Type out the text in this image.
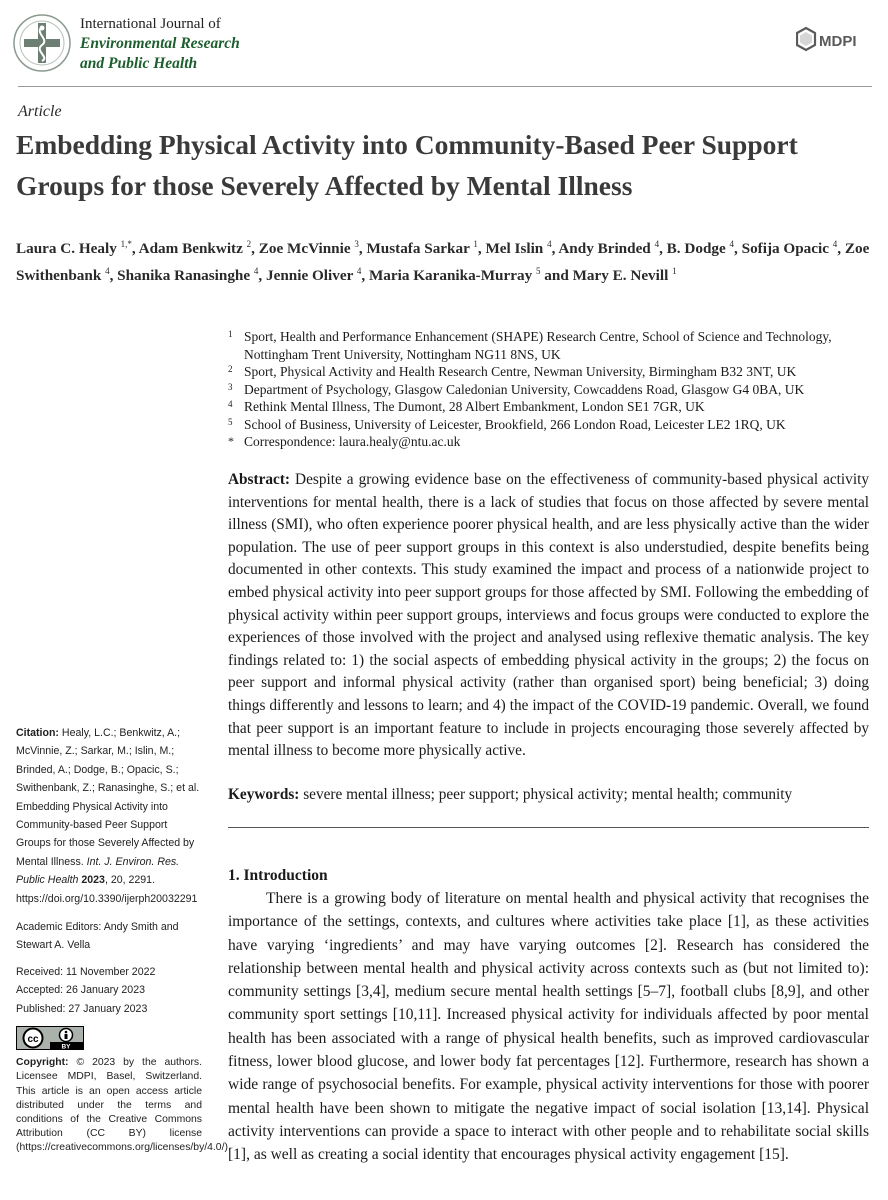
International Journal of
Environmental Research
and Public Health
MDPI
Article
Embedding Physical Activity into Community-Based Peer Support Groups for those Severely Affected by Mental Illness
Laura C. Healy $^{1,*}$, Adam Benkwitz $^2$, Zoe McVinnie $^3$, Mustafa Sarkar $^1$, Mel Islin $^4$, Andy Brinded $^4$, B. Dodge $^4$, Sofija Opacic $^4$, Zoe Swithenbank $^4$, Shanika Ranasinghe $^4$, Jennie Oliver $^4$, Maria Karanika-Murray $^5$ and Mary E. Nevill $^1$
1 Sport, Health and Performance Enhancement (SHAPE) Research Centre, School of Science and Technology, Nottingham Trent University, Nottingham NG11 8NS, UK
2 Sport, Physical Activity and Health Research Centre, Newman University, Birmingham B32 3NT, UK
3 Department of Psychology, Glasgow Caledonian University, Cowcaddens Road, Glasgow G4 0BA, UK
4 Rethink Mental Illness, The Dumont, 28 Albert Embankment, London SE1 7GR, UK
5 School of Business, University of Leicester, Brookfield, 266 London Road, Leicester LE2 1RQ, UK
* Correspondence: laura.healy@ntu.ac.uk
Abstract: Despite a growing evidence base on the effectiveness of community-based physical activity interventions for mental health, there is a lack of studies that focus on those affected by severe mental illness (SMI), who often experience poorer physical health, and are less physically active than the wider population. The use of peer support groups in this context is also understudied, despite benefits being documented in other contexts. This study examined the impact and process of a nationwide project to embed physical activity into peer support groups for those affected by SMI. Following the embedding of physical activity within peer support groups, interviews and focus groups were conducted to explore the experiences of those involved with the project and analysed using reflexive thematic analysis. The key findings related to: 1) the social aspects of embedding physical activity in the groups; 2) the focus on peer support and informal physical activity (rather than organised sport) being beneficial; 3) doing things differently and lessons to learn; and 4) the impact of the COVID-19 pandemic. Overall, we found that peer support is an important feature to include in projects encouraging those severely affected by mental illness to become more physically active.
Keywords: severe mental illness; peer support; physical activity; mental health; community
1. Introduction

There is a growing body of literature on mental health and physical activity that recognises the importance of the settings, contexts, and cultures where activities take place [1], as these activities have varying ‘ingredients’ and may have varying outcomes [2]. Research has considered the relationship between mental health and physical activity across contexts such as (but not limited to): community settings [3,4], medium secure mental health settings [5–7], football clubs [8,9], and other community sport settings [10,11]. Increased physical activity for individuals affected by poor mental health has been associated with a range of physical health benefits, such as improved cardiovascular fitness, lower blood glucose, and lower body fat percentages [12]. Furthermore, research has shown a wide range of psychosocial benefits. For example, physical activity interventions for those with poorer mental health have been shown to mitigate the negative impact of social isolation [13,14]. Physical activity interventions can provide a space to interact with other people and to rehabilitate social skills [1], as well as creating a social identity that encourages physical activity engagement [15].

Citation: Healy, L.C.; Benkwitz, A.; McVinnie, Z.; Sarkar, M.; Islin, M.; Brinded, A.; Dodge, B.; Opacic, S.; Swithenbank, Z.; Ranasinghe, S.; et al. Embedding Physical Activity into Community-based Peer Support Groups for those Severely Affected by Mental Illness. Int. J. Environ. Res. Public Health 2023, 20, 2291. https://doi.org/10.3390/ijerph20032291

Academic Editors: Andy Smith and Stewart A. Vella

Received: 11 November 2022
Accepted: 26 January 2023
Published: 27 January 2023

cc
BY

Copyright: © 2023 by the authors. Licensee MDPI, Basel, Switzerland. This article is an open access article distributed under the terms and conditions of the Creative Commons Attribution (CC BY) license (https://creativecommons.org/licenses/by/4.0/).
